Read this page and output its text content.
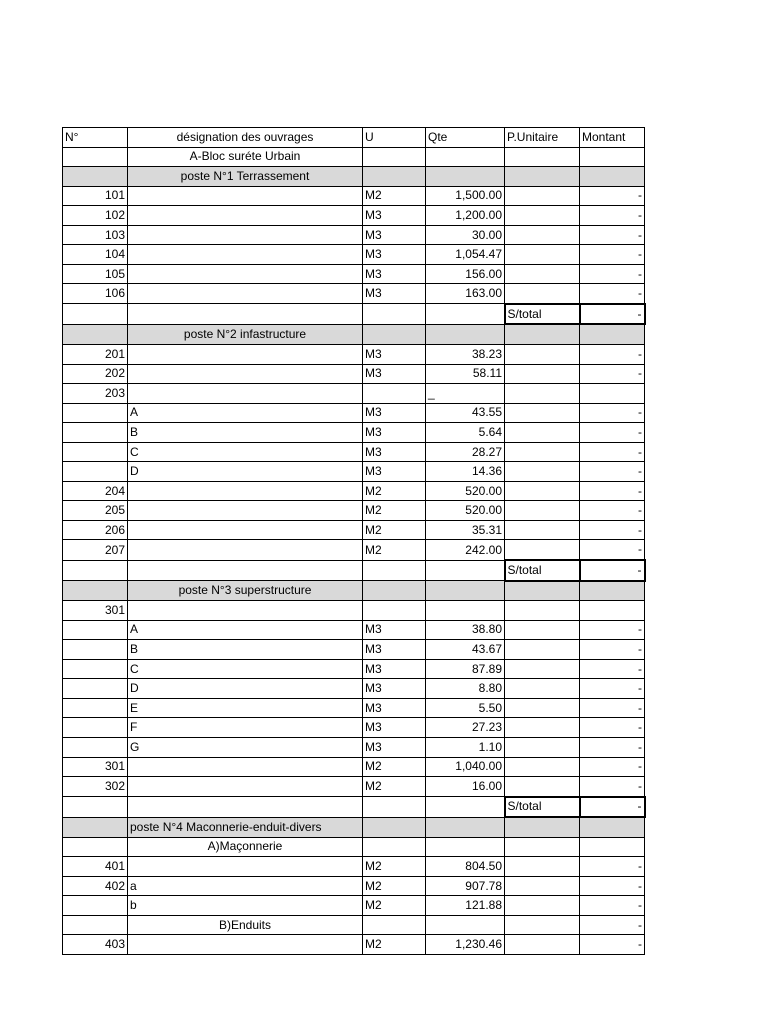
N°	désignation des ouvrages	U	Qte	P.Unitaire	Montant
	A-Bloc suréte Urbain				
	poste N°1 Terrassement				
101		M2	1,500.00		-
102		M3	1,200.00		-
103		M3	30.00		-
104		M3	1,054.47		-
105		M3	156.00		-
106		M3	163.00		-
				S/total	-
	poste N°2 infastructure				
201		M3	38.23		-
202		M3	58.11		-
203			_		
	A	M3	43.55		-
	B	M3	5.64		-
	C	M3	28.27		-
	D	M3	14.36		-
204		M2	520.00		-
205		M2	520.00		-
206		M2	35.31		-
207		M2	242.00		-
				S/total	-
	poste N°3 superstructure				
301					
	A	M3	38.80		-
	B	M3	43.67		-
	C	M3	87.89		-
	D	M3	8.80		-
	E	M3	5.50		-
	F	M3	27.23		-
	G	M3	1.10		-
301		M2	1,040.00		-
302		M2	16.00		-
				S/total	-
	poste N°4 Maconnerie-enduit-divers				
	A)Maçonnerie				
401		M2	804.50		-
402	a	M2	907.78		-
	b	M2	121.88		-
	B)Enduits				-
403		M2	1,230.46		-
